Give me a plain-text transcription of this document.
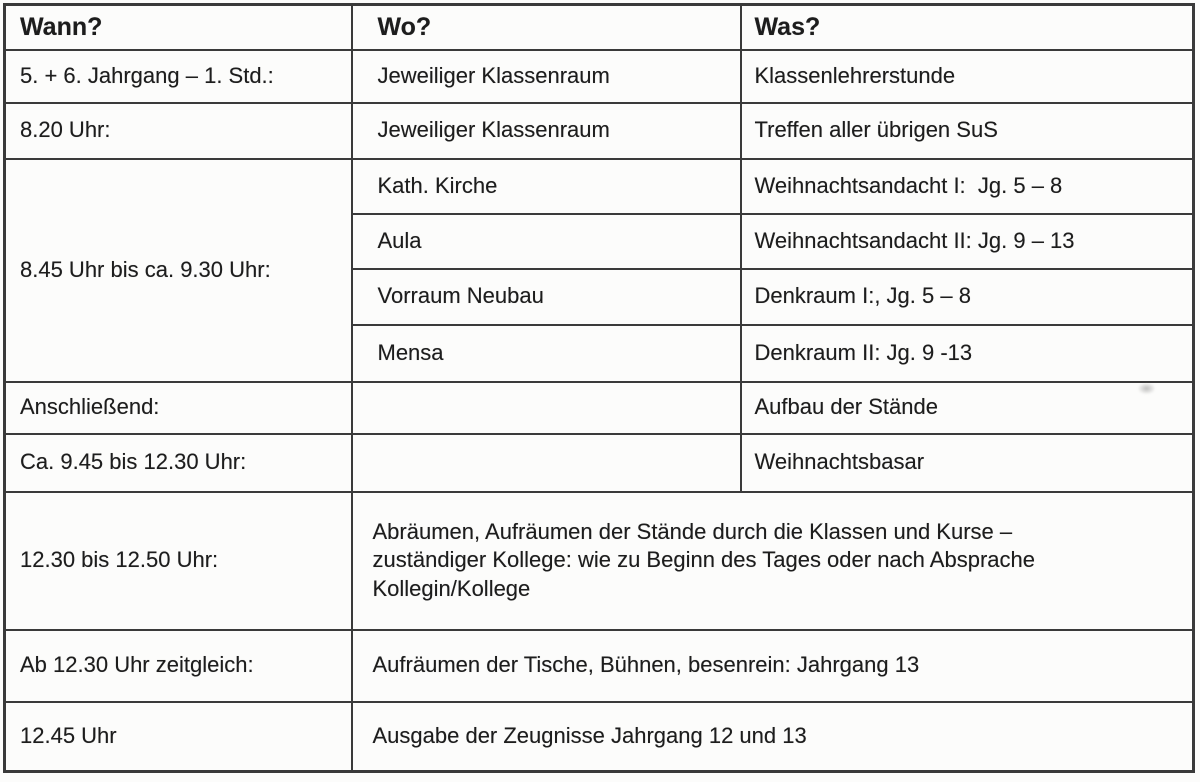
Wann?	Wo?	Was?
5. + 6. Jahrgang – 1. Std.:	Jeweiliger Klassenraum	Klassenlehrerstunde
8.20 Uhr:	Jeweiliger Klassenraum	Treffen aller übrigen SuS
8.45 Uhr bis ca. 9.30 Uhr:	Kath. Kirche	Weihnachtsandacht I:  Jg. 5 – 8
	Aula	Weihnachtsandacht II: Jg. 9 – 13
	Vorraum Neubau	Denkraum I:, Jg. 5 – 8
	Mensa	Denkraum II: Jg. 9 -13
Anschließend:		Aufbau der Stände
Ca. 9.45 bis 12.30 Uhr:		Weihnachtsbasar
12.30 bis 12.50 Uhr:	Abräumen, Aufräumen der Stände durch die Klassen und Kurse –
zuständiger Kollege: wie zu Beginn des Tages oder nach Absprache
Kollegin/Kollege	

Ab 12.30 Uhr zeitgleich:	Aufräumen der Tische, Bühnen, besenrein: Jahrgang 13	
12.45 Uhr	Ausgabe der Zeugnisse Jahrgang 12 und 13	
